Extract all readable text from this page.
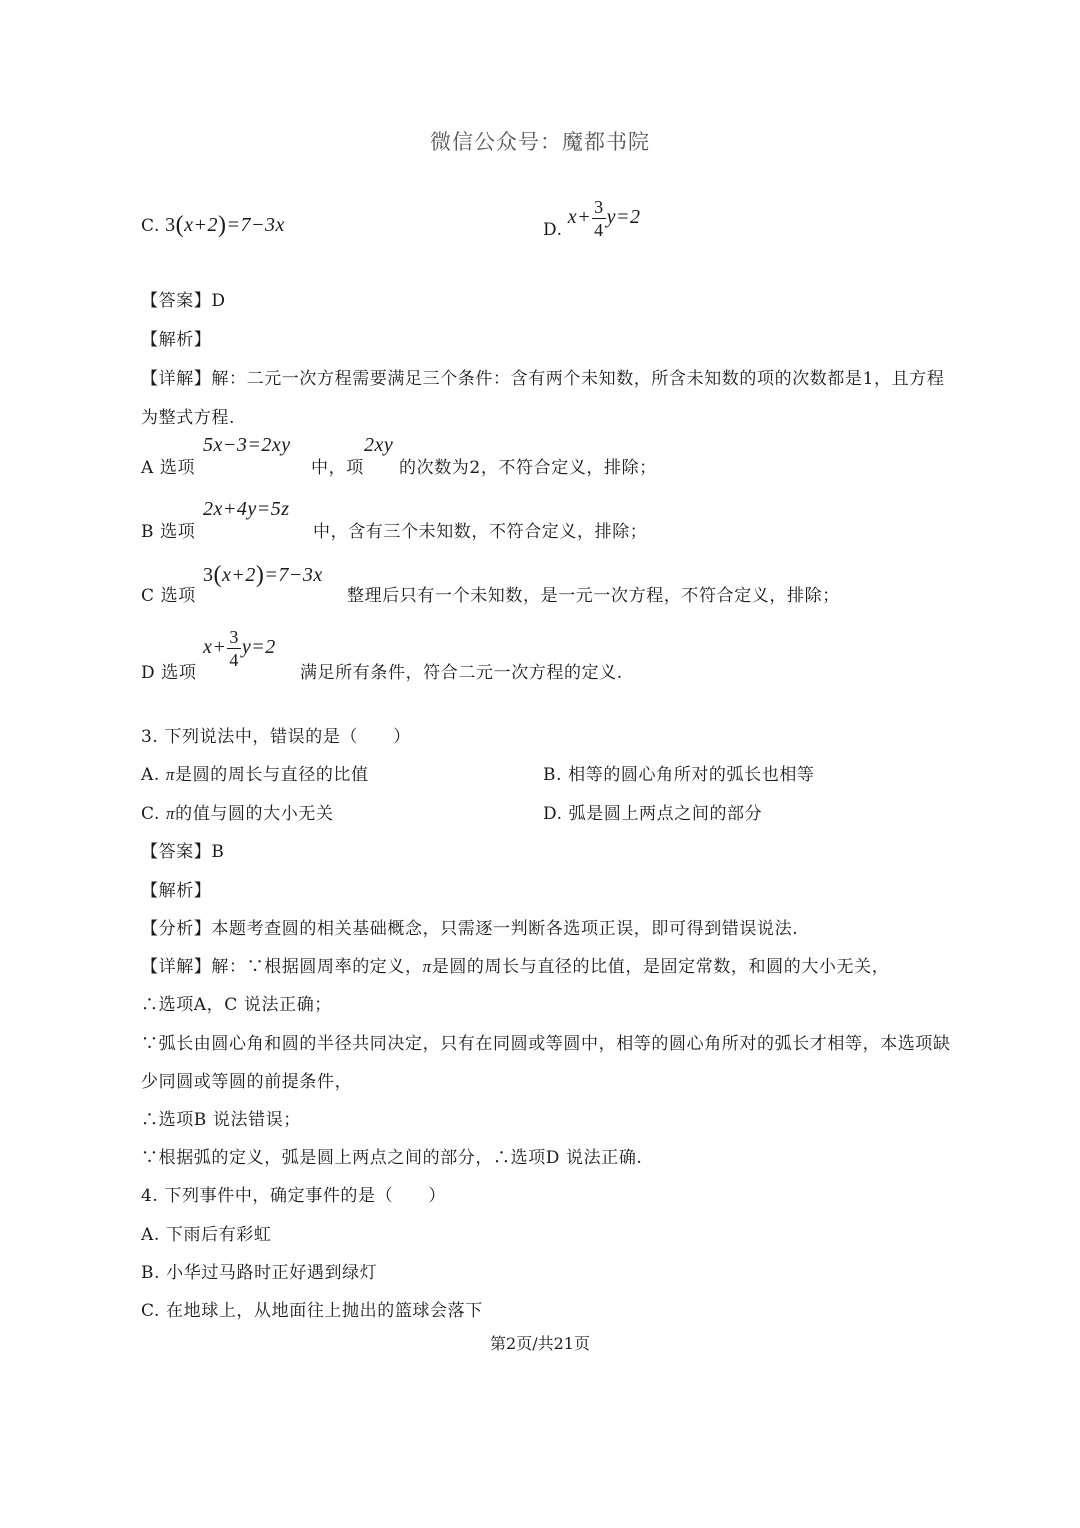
微信公众号：魔都书院
C. 3(x+2)=7−3x	D. $x+ \frac{3}{4} y=2$
【答案】D
【解析】
【详解】解：二元一次方程需要满足三个条件：含有两个未知数，所含未知数的项的次数都是1，且方程
为整式方程.
A 选项
5x−3=2xy
中，项
2xy
的次数为2，不符合定义，排除；
B 选项
2x+4y=5z
中，含有三个未知数，不符合定义，排除；
C 选项
3(x+2)=7−3x
整理后只有一个未知数，是一元一次方程，不符合定义，排除；
D 选项
$x+ \frac{3}{4} y=2$
满足所有条件，符合二元一次方程的定义.
3. 下列说法中，错误的是（　　）
A. π是圆的周长与直径的比值	B. 相等的圆心角所对的弧长也相等
C. π的值与圆的大小无关	D. 弧是圆上两点之间的部分
【答案】B
【解析】
【分析】本题考查圆的相关基础概念，只需逐一判断各选项正误，即可得到错误说法.
【详解】解：∵根据圆周率的定义，π是圆的周长与直径的比值，是固定常数，和圆的大小无关，
∴选项A，C 说法正确；
∵弧长由圆心角和圆的半径共同决定，只有在同圆或等圆中，相等的圆心角所对的弧长才相等，本选项缺
少同圆或等圆的前提条件，
∴选项B 说法错误；
∵根据弧的定义，弧是圆上两点之间的部分，∴选项D 说法正确.
4. 下列事件中，确定事件的是（　　）
A. 下雨后有彩虹
B. 小华过马路时正好遇到绿灯
C. 在地球上，从地面往上抛出的篮球会落下
第2页/共21页
